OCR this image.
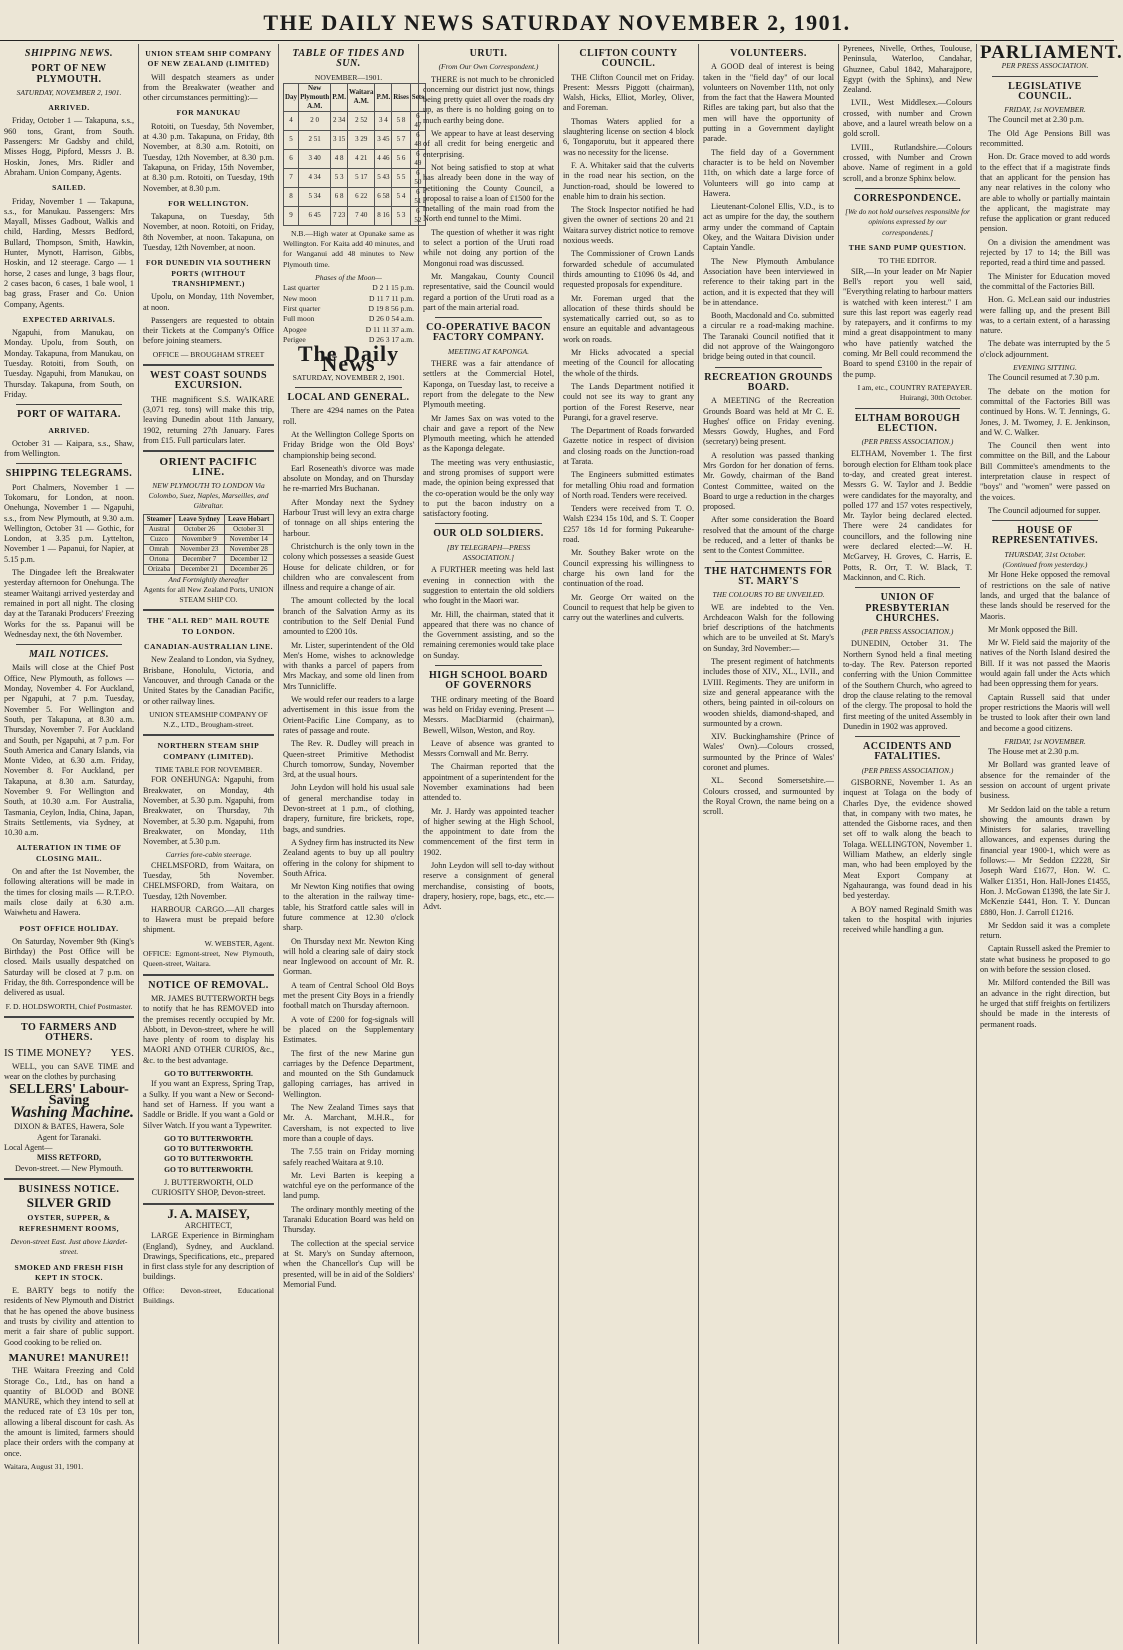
THE DAILY NEWS SATURDAY NOVEMBER 2, 1901.
SHIPPING NEWS.
PORT OF NEW PLYMOUTH.
SATURDAY, NOVEMBER 2, 1901.
ARRIVED.

Friday, October 1 — Takapuna, s.s., 960 tons, Grant, from South. Passengers: Mr Gadsby and child, Misses Hogg, Pipford, Messrs J. B. Hoskin, Jones, Mrs. Ridler and Abraham. Union Company, Agents.

SAILED.

Friday, November 1 — Takapuna, s.s., for Manukau. Passengers: Mrs Mayall, Misses Gadbout, Walkis and child, Harding, Messrs Bedford, Bullard, Thompson, Smith, Hawkin, Hunter, Mynott, Harrison, Gibbs, Hoskin, and 12 steerage. Cargo — 1 horse, 2 cases and lunge, 3 bags flour, 2 cases bacon, 6 cases, 1 bale wool, 1 bag grass, Fraser and Co. Union Company, Agents.

EXPECTED ARRIVALS.

Ngapuhi, from Manukau, on Monday. Upolu, from South, on Monday. Takapuna, from Manukau, on Tuesday. Rotoiti, from South, on Tuesday. Ngapuhi, from Manukau, on Thursday. Takapuna, from South, on Friday.

PORT OF WAITARA.
ARRIVED.

October 31 — Kaipara, s.s., Shaw, from Wellington.

SHIPPING TELEGRAMS.

Port Chalmers, November 1 — Tokomaru, for London, at noon. Onehunga, November 1 — Ngapuhi, s.s., from New Plymouth, at 9.30 a.m. Wellington, October 31 — Gothic, for London, at 3.35 p.m. Lyttelton, November 1 — Papanui, for Napier, at 5.15 p.m.

The Dingadee left the Breakwater yesterday afternoon for Onehunga. The steamer Waitangi arrived yesterday and remained in port all night. The closing day at the Taranaki Producers' Freezing Works for the ss. Papanui will be Wednesday next, the 6th November.

MAIL NOTICES.

Mails will close at the Chief Post Office, New Plymouth, as follows — Monday, November 4. For Auckland, per Ngapuhi, at 7 p.m. Tuesday, November 5. For Wellington and South, per Takapuna, at 8.30 a.m. Thursday, November 7. For Auckland and South, per Ngapuhi, at 7 p.m. For South America and Canary Islands, via Monte Video, at 6.30 a.m. Friday, November 8. For Auckland, per Takapuna, at 8.30 a.m. Saturday, November 9. For Wellington and South, at 10.30 a.m. For Australia, Tasmania, Ceylon, India, China, Japan, Straits Settlements, via Sydney, at 10.30 a.m.

ALTERATION IN TIME OF CLOSING MAIL.

On and after the 1st November, the following alterations will be made in the times for closing mails — R.T.P.O. mails close daily at 6.30 a.m. Waiwhetu and Hawera.

POST OFFICE HOLIDAY.

On Saturday, November 9th (King's Birthday) the Post Office will be closed. Mails usually despatched on Saturday will be closed at 7 p.m. on Friday, the 8th. Correspondence will be delivered as usual.

F. D. HOLDSWORTH, Chief Postmaster.
TO FARMERS AND OTHERS.
IS TIME MONEY? YES.

WELL, you can SAVE TIME and wear on the clothes by purchasing

SELLERS' Labour-Saving
Washing Machine.
DIXON & BATES, Hawera, Sole Agent for Taranaki.
Local Agent—
MISS RETFORD,
Devon-street. — New Plymouth.
BUSINESS NOTICE.
SILVER GRID
OYSTER, SUPPER, & REFRESHMENT ROOMS,
Devon-street East. Just above Liardet-street.
SMOKED AND FRESH FISH KEPT IN STOCK.

E. BARTY begs to notify the residents of New Plymouth and District that he has opened the above business and trusts by civility and attention to merit a fair share of public support. Good cooking to be relied on.

MANURE! MANURE!!

THE Waitara Freezing and Cold Storage Co., Ltd., has on hand a quantity of BLOOD and BONE MANURE, which they intend to sell at the reduced rate of £3 10s per ton, allowing a liberal discount for cash. As the amount is limited, farmers should place their orders with the company at once.

Waitara, August 31, 1901.
UNION STEAM SHIP COMPANY OF NEW ZEALAND (LIMITED)

Will despatch steamers as under from the Breakwater (weather and other circumstances permitting):—

FOR MANUKAU

Rotoiti, on Tuesday, 5th November, at 4.30 p.m. Takapuna, on Friday, 8th November, at 8.30 a.m. Rotoiti, on Tuesday, 12th November, at 8.30 p.m. Takapuna, on Friday, 15th November, at 8.30 p.m. Rotoiti, on Tuesday, 19th November, at 8.30 p.m.

FOR WELLINGTON.

Takapuna, on Tuesday, 5th November, at noon. Rotoiti, on Friday, 8th November, at noon. Takapuna, on Tuesday, 12th November, at noon.

FOR DUNEDIN VIA SOUTHERN PORTS (WITHOUT TRANSHIPMENT.)

Upolu, on Monday, 11th November, at noon.

Passengers are requested to obtain their Tickets at the Company's Office before joining steamers.

OFFICE — BROUGHAM STREET
WEST COAST SOUNDS EXCURSION.

THE magnificent S.S. WAIKARE (3,071 reg. tons) will make this trip, leaving Dunedin about 11th January, 1902, returning 27th January. Fares from £15. Full particulars later.

ORIENT PACIFIC LINE.
NEW PLYMOUTH TO LONDON Via Colombo, Suez, Naples, Marseilles, and Gibraltar.
Steamer	Leave Sydney	Leave Hobart
Austral	October 26	October 31
Cuzco	November 9	November 14
Omrah	November 23	November 28
Ortona	December 7	December 12
Orizaba	December 21	December 26
And Fortnightly thereafter
Agents for all New Zealand Ports, UNION STEAM SHIP CO.
THE "ALL RED" MAIL ROUTE TO LONDON.
CANADIAN-AUSTRALIAN LINE.

New Zealand to London, via Sydney, Brisbane, Honolulu, Victoria, and Vancouver, and through Canada or the United States by the Canadian Pacific, or other railway lines.

UNION STEAMSHIP COMPANY OF N.Z., LTD., Brougham-street.
NORTHERN STEAM SHIP COMPANY (LIMITED).
TIME TABLE FOR NOVEMBER.

FOR ONEHUNGA: Ngapuhi, from Breakwater, on Monday, 4th November, at 5.30 p.m. Ngapuhi, from Breakwater, on Thursday, 7th November, at 5.30 p.m. Ngapuhi, from Breakwater, on Monday, 11th November, at 5.30 p.m.

Carries fore-cabin steerage.

CHELMSFORD, from Waitara, on Tuesday, 5th November. CHELMSFORD, from Waitara, on Tuesday, 12th November.

HARBOUR CARGO.—All charges to Hawera must be prepaid before shipment.

W. WEBSTER, Agent.
OFFICE: Egmont-street, New Plymouth, Queen-street, Waitara.
NOTICE OF REMOVAL.

MR. JAMES BUTTERWORTH begs to notify that he has REMOVED into the premises recently occupied by Mr. Abbott, in Devon-street, where he will have plenty of room to display his MAORI AND OTHER CURIOS, &c., &c. to the best advantage.

GO TO BUTTERWORTH.

If you want an Express, Spring Trap, a Sulky. If you want a New or Second-hand set of Harness. If you want a Saddle or Bridle. If you want a Gold or Silver Watch. If you want a Typewriter.

GO TO BUTTERWORTH.
GO TO BUTTERWORTH.
GO TO BUTTERWORTH.
GO TO BUTTERWORTH.
J. BUTTERWORTH, OLD CURIOSITY SHOP, Devon-street.
J. A. MAISEY,
ARCHITECT,

LARGE Experience in Birmingham (England), Sydney, and Auckland. Drawings, Specifications, etc., prepared in first class style for any description of buildings.

Office: Devon-street, Educational Buildings.
TABLE OF TIDES AND SUN.
NOVEMBER—1901.
Day	New Plymouth A.M.	P.M.	Waitara A.M.	P.M.	Rises	Sets
4	2 0	2 34	2 52	3 4	5 8	6 47
5	2 51	3 15	3 29	3 45	5 7	6 48
6	3 40	4 8	4 21	4 46	5 6	6 49
7	4 34	5 3	5 17	5 43	5 5	6 50
8	5 34	6 8	6 22	6 58	5 4	6 51
9	6 45	7 23	7 40	8 16	5 3	6 52

N.B.—High water at Opunake same as Wellington. For Kaita add 40 minutes, and for Wanganui add 48 minutes to New Plymouth time.

Phases of the Moon—
Last quarter	D 2 1 15 p.m.
New moon	D 11 7 11 p.m.
First quarter	D 19 8 56 p.m.
Full moon	D 26 0 54 a.m.
Apogee	D 11 11 37 a.m.
Perigee	D 26 3 17 a.m.
The Daily News
SATURDAY, NOVEMBER 2, 1901.
LOCAL AND GENERAL.

There are 4294 names on the Patea roll.

At the Wellington College Sports on Friday Bridge won the Old Boys' championship being second.

Earl Roseneath's divorce was made absolute on Monday, and on Thursday he re-married Mrs Buchanan.

After Monday next the Sydney Harbour Trust will levy an extra charge of tonnage on all ships entering the harbour.

Christchurch is the only town in the colony which possesses a seaside Guest House for delicate children, or for children who are convalescent from illness and require a change of air.

The amount collected by the local branch of the Salvation Army as its contribution to the Self Denial Fund amounted to £200 10s.

Mr. Lister, superintendent of the Old Men's Home, wishes to acknowledge with thanks a parcel of papers from Mrs Mackay, and some old linen from Mrs Tunnicliffe.

We would refer our readers to a large advertisement in this issue from the Orient-Pacific Line Company, as to rates of passage and route.

The Rev. R. Dudley will preach in Queen-street Primitive Methodist Church tomorrow, Sunday, November 3rd, at the usual hours.

John Leydon will hold his usual sale of general merchandise today in Devon-street at 1 p.m., of clothing, drapery, furniture, fire brickets, rope, bags, and sundries.

A Sydney firm has instructed its New Zealand agents to buy up all poultry offering in the colony for shipment to South Africa.

Mr Newton King notifies that owing to the alteration in the railway time-table, his Stratford cattle sales will in future commence at 12.30 o'clock sharp.

On Thursday next Mr. Newton King will hold a clearing sale of dairy stock near Inglewood on account of Mr. R. Gorman.

A team of Central School Old Boys met the present City Boys in a friendly football match on Thursday afternoon.

A vote of £200 for fog-signals will be placed on the Supplementary Estimates.

The first of the new Marine gun carriages by the Defence Department, and mounted on the Sth Gundamuck galloping carriages, has arrived in Wellington.

The New Zealand Times says that Mr. A. Marchant, M.H.R., for Caversham, is not expected to live more than a couple of days.

The 7.55 train on Friday morning safely reached Waitara at 9.10.

Mr. Levi Barten is keeping a watchful eye on the performance of the land pump.

The ordinary monthly meeting of the Taranaki Education Board was held on Thursday.

The collection at the special service at St. Mary's on Sunday afternoon, when the Chancellor's Cup will be presented, will be in aid of the Soldiers' Memorial Fund.

URUTI.
(From Our Own Correspondent.)

THERE is not much to be chronicled concerning our district just now, things being pretty quiet all over the roads dry up, as there is no holding going on to much earthy being done.

We appear to have at least deserving of all credit for being energetic and enterprising.

Not being satisfied to stop at what has already been done in the way of petitioning the County Council, a proposal to raise a loan of £1500 for the metalling of the main road from the North end tunnel to the Mimi.

The question of whether it was right to select a portion of the Uruti road while not doing any portion of the Mongonui road was discussed.

Mr. Mangakau, County Council representative, said the Council would regard a portion of the Uruti road as a part of the main arterial road.

CO-OPERATIVE BACON FACTORY COMPANY.
MEETING AT KAPONGA.

THERE was a fair attendance of settlers at the Commercial Hotel, Kaponga, on Tuesday last, to receive a report from the delegate to the New Plymouth meeting.

Mr James Sax on was voted to the chair and gave a report of the New Plymouth meeting, which he attended as the Kaponga delegate.

The meeting was very enthusiastic, and strong promises of support were made, the opinion being expressed that the co-operation would be the only way to put the bacon industry on a satisfactory footing.

OUR OLD SOLDIERS.
[BY TELEGRAPH—PRESS ASSOCIATION.]

A FURTHER meeting was held last evening in connection with the suggestion to entertain the old soldiers who fought in the Maori war.

Mr. Hill, the chairman, stated that it appeared that there was no chance of the Government assisting, and so the remaining ceremonies would take place on Sunday.

HIGH SCHOOL BOARD OF GOVERNORS

THE ordinary meeting of the Board was held on Friday evening. Present — Messrs. MacDiarmid (chairman), Bewell, Wilson, Weston, and Roy.

Leave of absence was granted to Messrs Cornwall and Mr. Berry.

The Chairman reported that the appointment of a superintendent for the November examinations had been attended to.

Mr. J. Hardy was appointed teacher of higher sewing at the High School, the appointment to date from the commencement of the first term in 1902.

John Leydon will sell to-day without reserve a consignment of general merchandise, consisting of boots, drapery, hosiery, rope, bags, etc., etc.—Advt.

CLIFTON COUNTY COUNCIL.

THE Clifton Council met on Friday. Present: Messrs Piggott (chairman), Walsh, Hicks, Elliot, Morley, Oliver, and Foreman.

Thomas Waters applied for a slaughtering license on section 4 block 6, Tongaporutu, but it appeared there was no necessity for the license.

F. A. Whitaker said that the culverts in the road near his section, on the Junction-road, should be lowered to enable him to drain his section.

The Stock Inspector notified he had given the owner of sections 20 and 21 Waitara survey district notice to remove noxious weeds.

The Commissioner of Crown Lands forwarded schedule of accumulated thirds amounting to £1096 0s 4d, and requested proposals for expenditure.

Mr. Foreman urged that the allocation of these thirds should be systematically carried out, so as to ensure an equitable and advantageous work on roads.

Mr Hicks advocated a special meeting of the Council for allocating the whole of the thirds.

The Lands Department notified it could not see its way to grant any portion of the Forest Reserve, near Purangi, for a gravel reserve.

The Department of Roads forwarded Gazette notice in respect of division and closing roads on the Junction-road at Tarata.

The Engineers submitted estimates for metalling Ohiu road and formation of North road. Tenders were received.

Tenders were received from T. O. Walsh £234 15s 10d, and S. T. Cooper £257 18s 1d for forming Pukearuhe-road.

Mr. Southey Baker wrote on the Council expressing his willingness to charge his own land for the continuation of the road.

Mr. George Orr waited on the Council to request that help be given to carry out the waterlines and culverts.

VOLUNTEERS.

A GOOD deal of interest is being taken in the "field day" of our local volunteers on November 11th, not only from the fact that the Hawera Mounted Rifles are taking part, but also that the men will have the opportunity of putting in a Government daylight parade.

The field day of a Government character is to be held on November 11th, on which date a large force of Volunteers will go into camp at Hawera.

Lieutenant-Colonel Ellis, V.D., is to act as umpire for the day, the southern army under the command of Captain Okey, and the Waitara Division under Captain Yandle.

The New Plymouth Ambulance Association have been interviewed in reference to their taking part in the action, and it is expected that they will be in attendance.

Booth, Macdonald and Co. submitted a circular re a road-making machine. The Taranaki Council notified that it did not approve of the Waingongoro bridge being outed in that council.

RECREATION GROUNDS BOARD.

A MEETING of the Recreation Grounds Board was held at Mr C. E. Hughes' office on Friday evening. Messrs Gowdy, Hughes, and Ford (secretary) being present.

A resolution was passed thanking Mrs Gordon for her donation of ferns. Mr. Gowdy, chairman of the Band Contest Committee, waited on the Board to urge a reduction in the charges proposed.

After some consideration the Board resolved that the amount of the charge be reduced, and a letter of thanks be sent to the Contest Committee.

THE HATCHMENTS FOR ST. MARY'S
THE COLOURS TO BE UNVEILED.

WE are indebted to the Ven. Archdeacon Walsh for the following brief descriptions of the hatchments which are to be unveiled at St. Mary's on Sunday, 3rd November:—

The present regiment of hatchments includes those of XIV., XL., LVII., and LVIII. Regiments. They are uniform in size and general appearance with the others, being painted in oil-colours on wooden shields, diamond-shaped, and surmounted by a crown.

XIV. Buckinghamshire (Prince of Wales' Own).—Colours crossed, surmounted by the Prince of Wales' coronet and plumes.

XL. Second Somersetshire.—Colours crossed, and surmounted by the Royal Crown, the name being on a scroll.

Pyrenees, Nivelle, Orthes, Toulouse, Peninsula, Waterloo, Candahar, Ghuznee, Cabul 1842, Maharajpore, Egypt (with the Sphinx), and New Zealand.

LVII., West Middlesex.—Colours crossed, with number and Crown above, and a laurel wreath below on a gold scroll.

LVIII., Rutlandshire.—Colours crossed, with Number and Crown above. Name of regiment in a gold scroll, and a bronze Sphinx below.

CORRESPONDENCE.
[We do not hold ourselves responsible for opinions expressed by our correspondents.]
THE SAND PUMP QUESTION.
TO THE EDITOR.

SIR,—In your leader on Mr Napier Bell's report you well said, "Everything relating to harbour matters is watched with keen interest." I am sure this last report was eagerly read by ratepayers, and it confirms to my mind a great disappointment to many who have patiently watched the coming. Mr Bell could recommend the Board to spend £3100 in the repair of the pump.

I am, etc., COUNTRY RATEPAYER. Huirangi, 30th October.
ELTHAM BOROUGH ELECTION.
(PER PRESS ASSOCIATION.)

ELTHAM, November 1. The first borough election for Eltham took place to-day, and created great interest. Messrs G. W. Taylor and J. Beddie were candidates for the mayoralty, and polled 177 and 157 votes respectively, Mr. Taylor being declared elected. There were 24 candidates for councillors, and the following nine were declared elected:—W. H. McGarvey, H. Groves, C. Harris, E. Potts, R. Orr, T. W. Black, T. Mackinnon, and C. Rich.

UNION OF PRESBYTERIAN CHURCHES.
(PER PRESS ASSOCIATION.)

DUNEDIN, October 31. The Northern Synod held a final meeting to-day. The Rev. Paterson reported conferring with the Union Committee of the Southern Church, who agreed to drop the clause relating to the removal of the clergy. The proposal to hold the first meeting of the united Assembly in Dunedin in 1902 was approved.

ACCIDENTS AND FATALITIES.
(PER PRESS ASSOCIATION.)

GISBORNE, November 1. As an inquest at Tolaga on the body of Charles Dye, the evidence showed that, in company with two mates, he attended the Gisborne races, and then set off to walk along the beach to Tolaga. WELLINGTON, November 1. William Mathew, an elderly single man, who had been employed by the Meat Export Company at Ngahauranga, was found dead in his bed yesterday.

A BOY named Reginald Smith was taken to the hospital with injuries received while handling a gun.

PARLIAMENT.
PER PRESS ASSOCIATION.
LEGISLATIVE COUNCIL.
FRIDAY, 1st NOVEMBER.

The Council met at 2.30 p.m.

The Old Age Pensions Bill was recommitted.

Hon. Dr. Grace moved to add words to the effect that if a magistrate finds that an applicant for the pension has any near relatives in the colony who are able to wholly or partially maintain the applicant, the magistrate may refuse the application or grant reduced pension.

On a division the amendment was rejected by 17 to 14; the Bill was reported, read a third time and passed.

The Minister for Education moved the committal of the Factories Bill.

Hon. G. McLean said our industries were falling up, and the present Bill was, to a certain extent, of a harassing nature.

The debate was interrupted by the 5 o'clock adjournment.

EVENING SITTING.

The Council resumed at 7.30 p.m.

The debate on the motion for committal of the Factories Bill was continued by Hons. W. T. Jennings, G. Jones, J. M. Twomey, J. E. Jenkinson, and W. C. Walker.

The Council then went into committee on the Bill, and the Labour Bill Committee's amendments to the interpretation clause in respect of "boys" and "women" were passed on the voices.

The Council adjourned for supper.

HOUSE OF REPRESENTATIVES.
THURSDAY, 31st October.
(Continued from yesterday.)

Mr Hone Heke opposed the removal of restrictions on the sale of native lands, and urged that the balance of these lands should be reserved for the Maoris.

Mr Monk opposed the Bill.

Mr W. Field said the majority of the natives of the North Island desired the Bill. If it was not passed the Maoris would again fall under the Acts which had been oppressing them for years.

Captain Russell said that under proper restrictions the Maoris will well be trusted to look after their own land and become a good citizens.

FRIDAY, 1st NOVEMBER.

The House met at 2.30 p.m.

Mr Bollard was granted leave of absence for the remainder of the session on account of urgent private business.

Mr Seddon laid on the table a return showing the amounts drawn by Ministers for salaries, travelling allowances, and expenses during the financial year 1900-1, which were as follows:— Mr Seddon £2228, Sir Joseph Ward £1677, Hon. W. C. Walker £1351, Hon. Hall-Jones £1455, Hon. J. McGowan £1398, the late Sir J. McKenzie £441, Hon. T. Y. Duncan £880, Hon. J. Carroll £1216.

Mr Seddon said it was a complete return.

Captain Russell asked the Premier to state what business he proposed to go on with before the session closed.

Mr. Milford contended the Bill was an advance in the right direction, but he urged that stiff freights on fertilizers should be made in the interests of permanent roads.
